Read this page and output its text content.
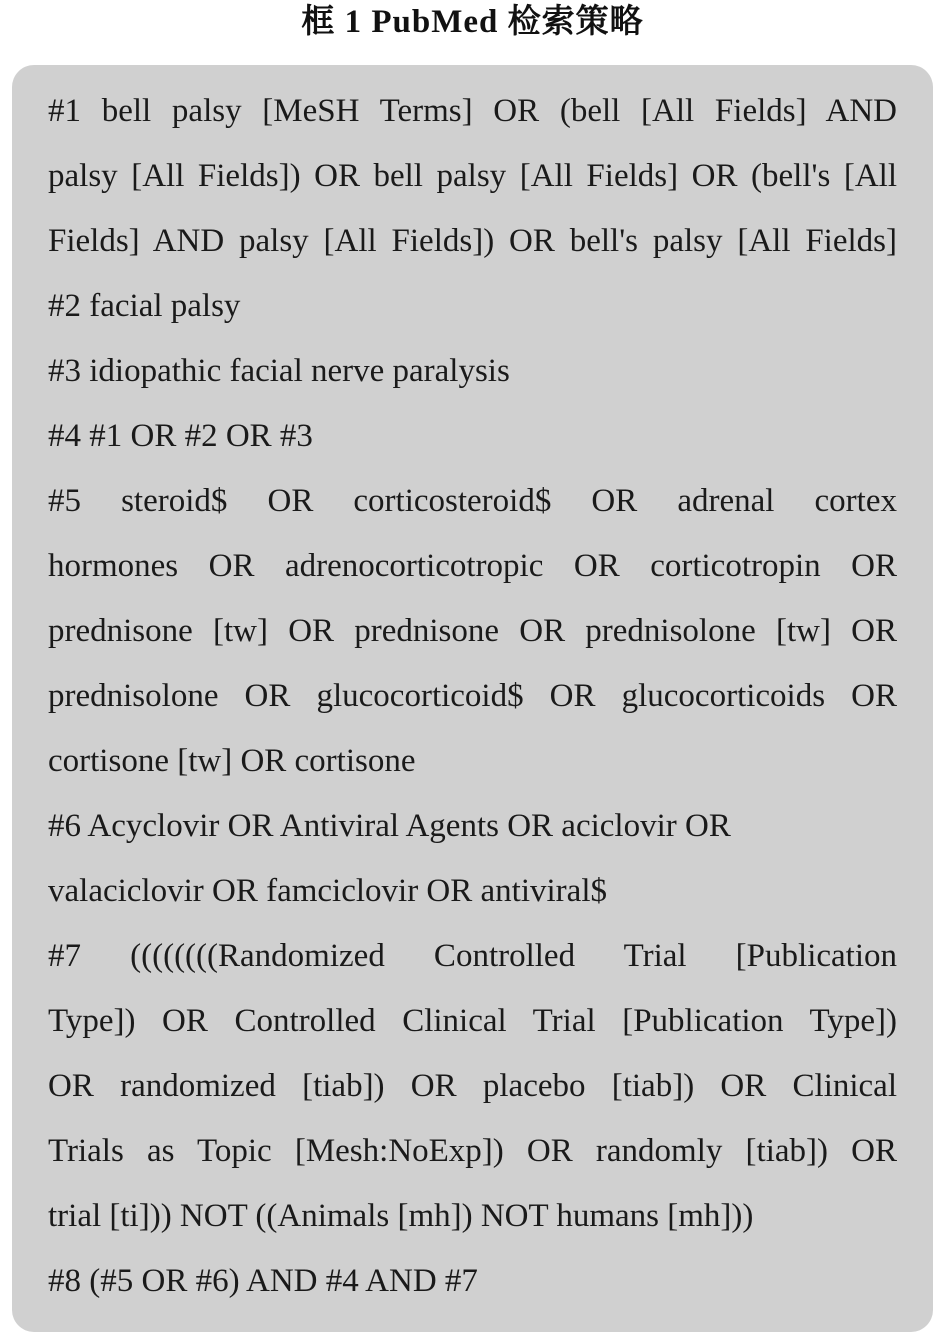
框 1 PubMed 检索策略
#1 bell palsy [MeSH Terms] OR (bell [All Fields] AND
palsy [All Fields]) OR bell palsy [All Fields] OR (bell's [All
Fields] AND palsy [All Fields]) OR bell's palsy [All Fields]
#2 facial palsy
#3 idiopathic facial nerve paralysis
#4 #1 OR #2 OR #3
#5 steroid$ OR corticosteroid$ OR adrenal cortex
hormones OR adrenocorticotropic OR corticotropin OR
prednisone [tw] OR prednisone OR prednisolone [tw] OR
prednisolone OR glucocorticoid$ OR glucocorticoids OR
cortisone [tw] OR cortisone
#6 Acyclovir OR Antiviral Agents OR aciclovir OR
valaciclovir OR famciclovir OR antiviral$
#7 ((((((((Randomized Controlled Trial [Publication
Type]) OR Controlled Clinical Trial [Publication Type])
OR randomized [tiab]) OR placebo [tiab]) OR Clinical
Trials as Topic [Mesh:NoExp]) OR randomly [tiab]) OR
trial [ti])) NOT ((Animals [mh]) NOT humans [mh]))
#8 (#5 OR #6) AND #4 AND #7
